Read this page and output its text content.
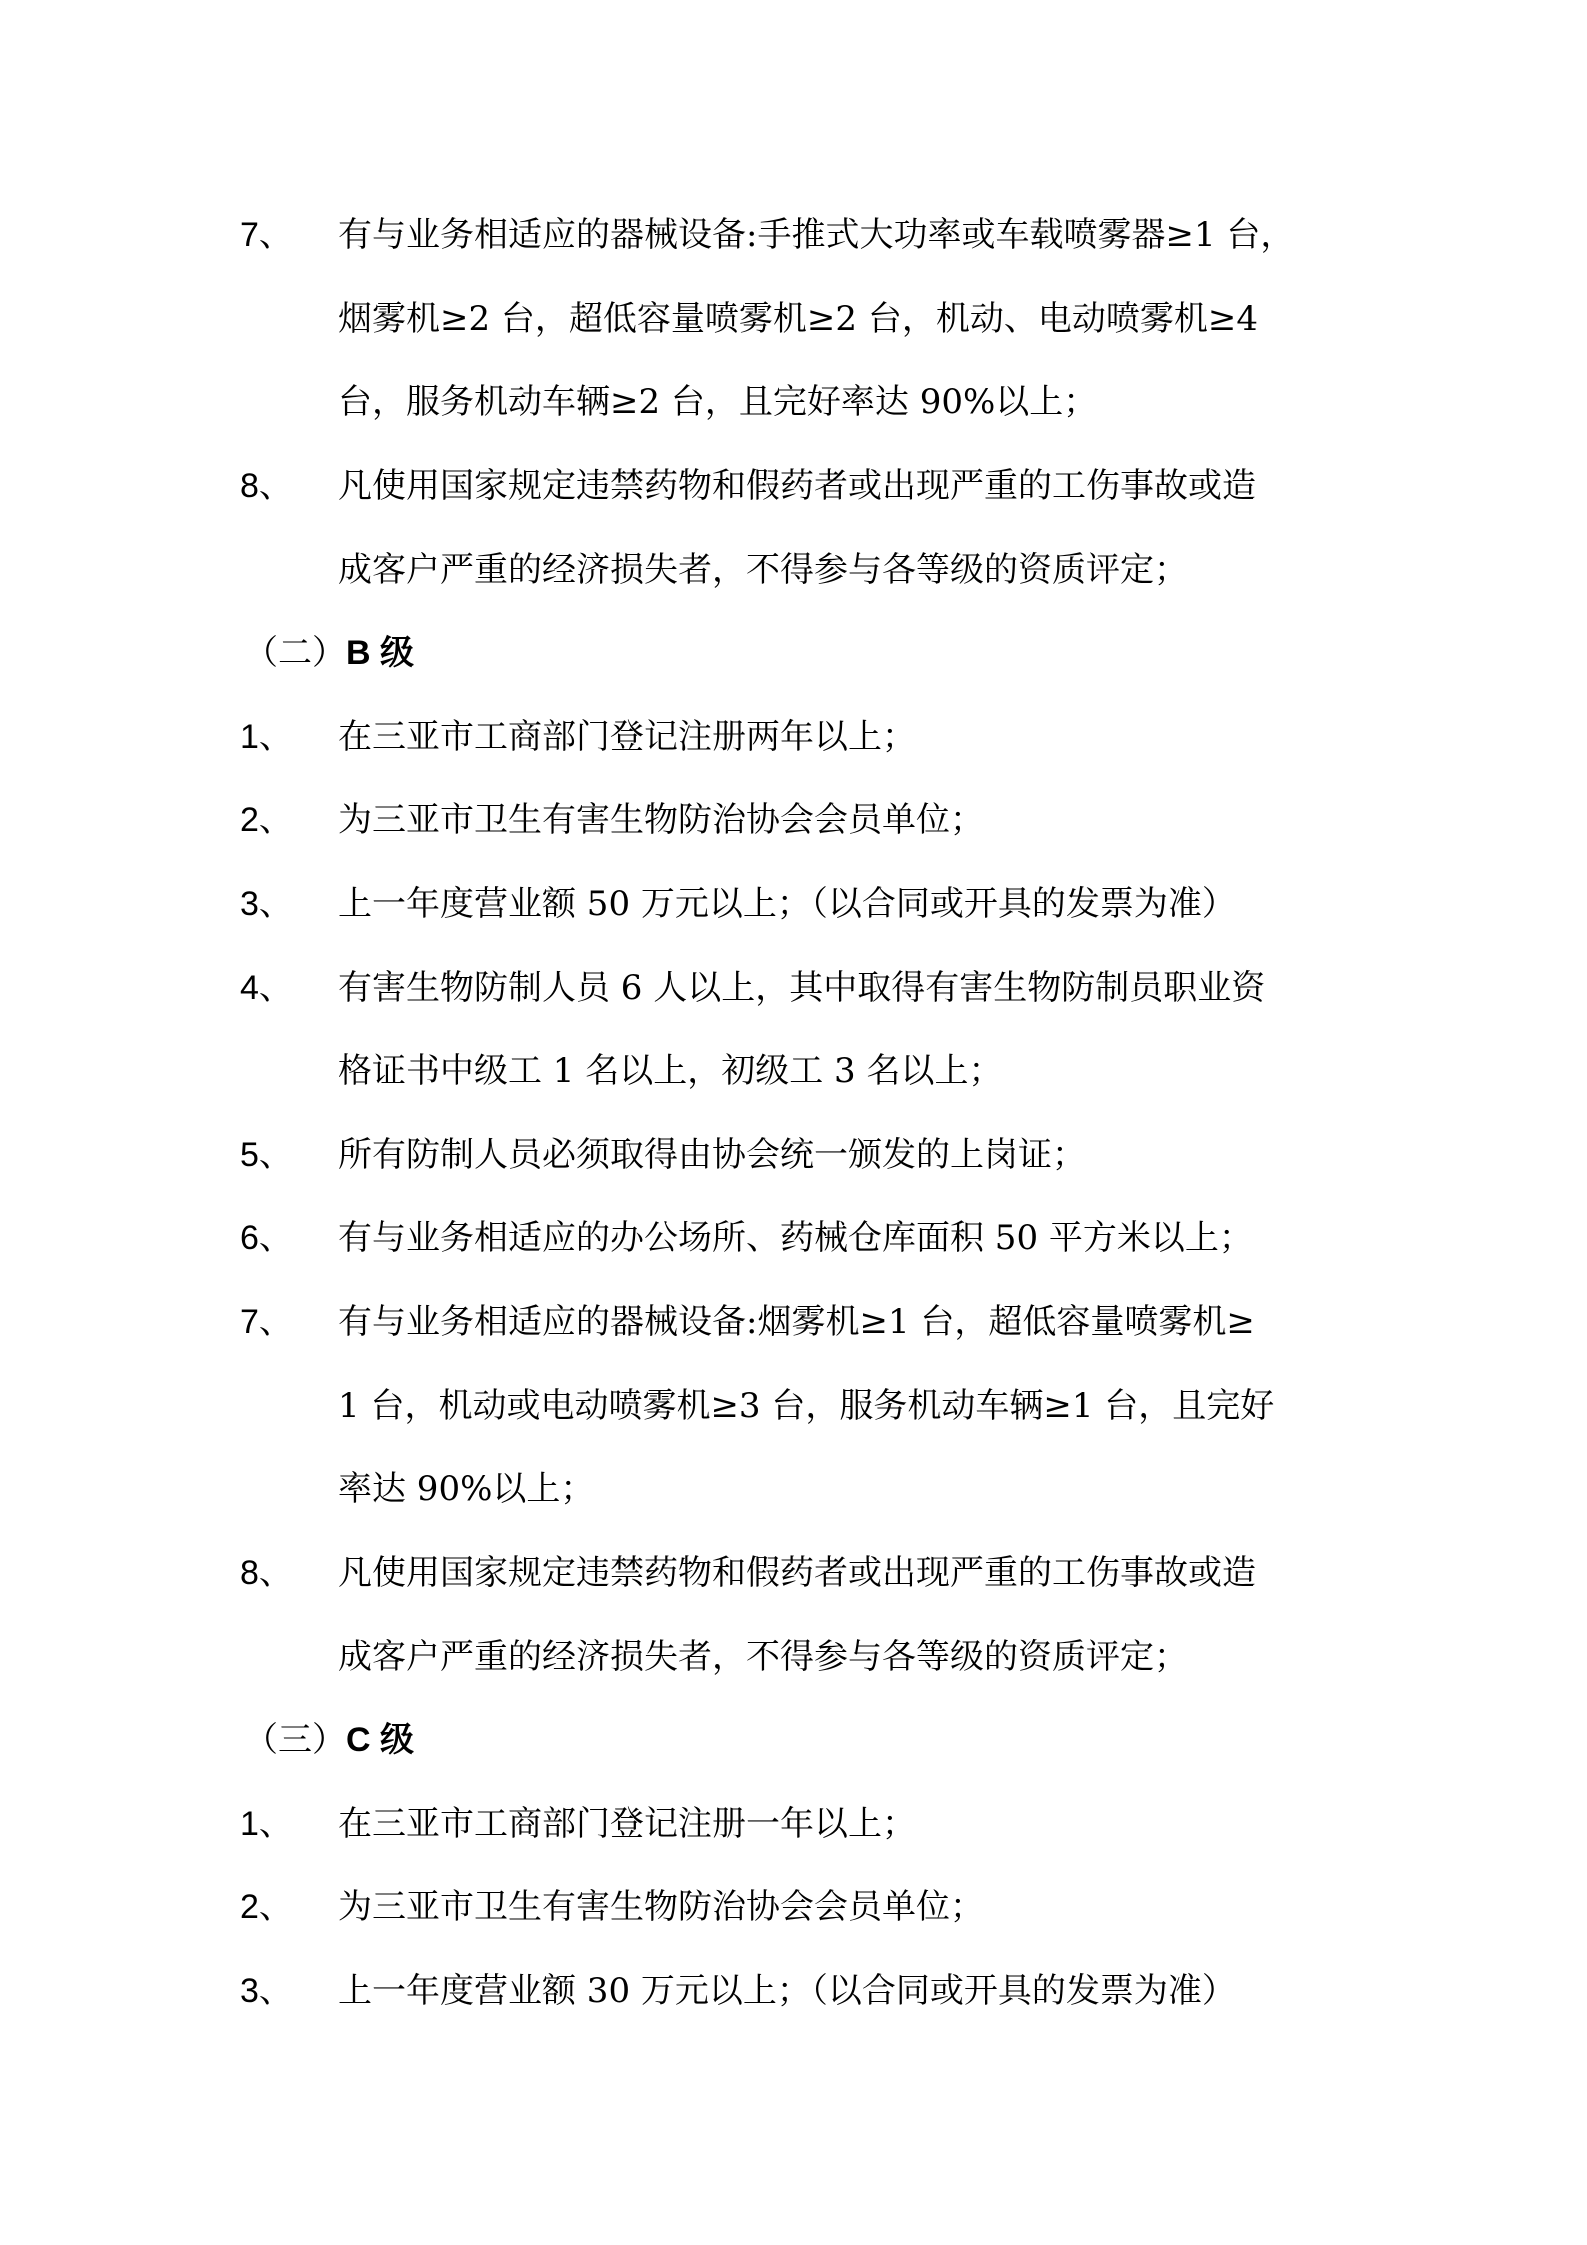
7、 有与业务相适应的器械设备:手推式大功率或车载喷雾器≥1 台，
烟雾机≥2 台，超低容量喷雾机≥2 台，机动、电动喷雾机≥4
台，服务机动车辆≥2 台，且完好率达 90%以上；
8、 凡使用国家规定违禁药物和假药者或出现严重的工伤事故或造
成客户严重的经济损失者，不得参与各等级的资质评定；
（二）B 级
1、 在三亚市工商部门登记注册两年以上；
2、 为三亚市卫生有害生物防治协会会员单位；
3、 上一年度营业额 50 万元以上；（以合同或开具的发票为准）
4、 有害生物防制人员 6 人以上，其中取得有害生物防制员职业资
格证书中级工 1 名以上，初级工 3 名以上；
5、 所有防制人员必须取得由协会统一颁发的上岗证；
6、 有与业务相适应的办公场所、药械仓库面积 50 平方米以上；
7、 有与业务相适应的器械设备:烟雾机≥1 台，超低容量喷雾机≥
1 台，机动或电动喷雾机≥3 台，服务机动车辆≥1 台，且完好
率达 90%以上；
8、 凡使用国家规定违禁药物和假药者或出现严重的工伤事故或造
成客户严重的经济损失者，不得参与各等级的资质评定；
（三）C 级
1、 在三亚市工商部门登记注册一年以上；
2、 为三亚市卫生有害生物防治协会会员单位；
3、 上一年度营业额 30 万元以上；（以合同或开具的发票为准）
